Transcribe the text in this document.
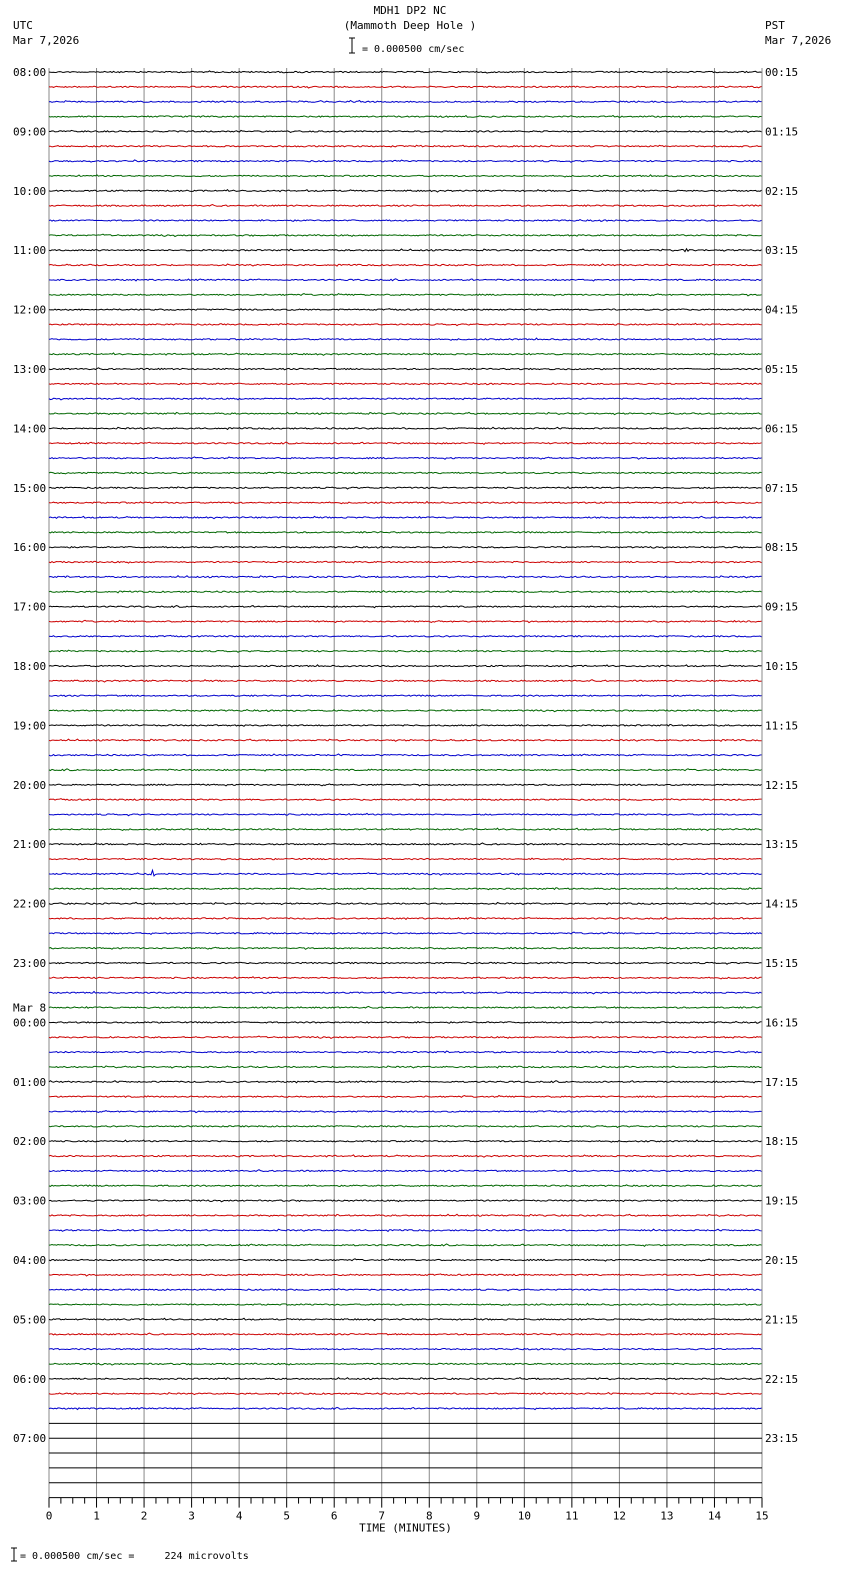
MDH1 DP2 NC
(Mammoth Deep Hole )
= 0.000500 cm/sec
UTC
Mar 7,2026
PST
Mar 7,2026
= 0.000500 cm/sec =     224 microvolts
08:00	00:15
09:00	01:15
10:00	02:15
11:00	03:15
12:00	04:15
13:00	05:15
14:00	06:15
15:00	07:15
16:00	08:15
17:00	09:15
18:00	10:15
19:00	11:15
20:00	12:15
21:00	13:15
22:00	14:15
23:00	15:15
00:00	16:15
01:00	17:15
02:00	18:15
03:00	19:15
04:00	20:15
05:00	21:15
06:00	22:15
07:00	23:15
Mar 8
0	1	2	3	4	5	6	7	8	9	10	11	12	13	14	15
TIME (MINUTES)
